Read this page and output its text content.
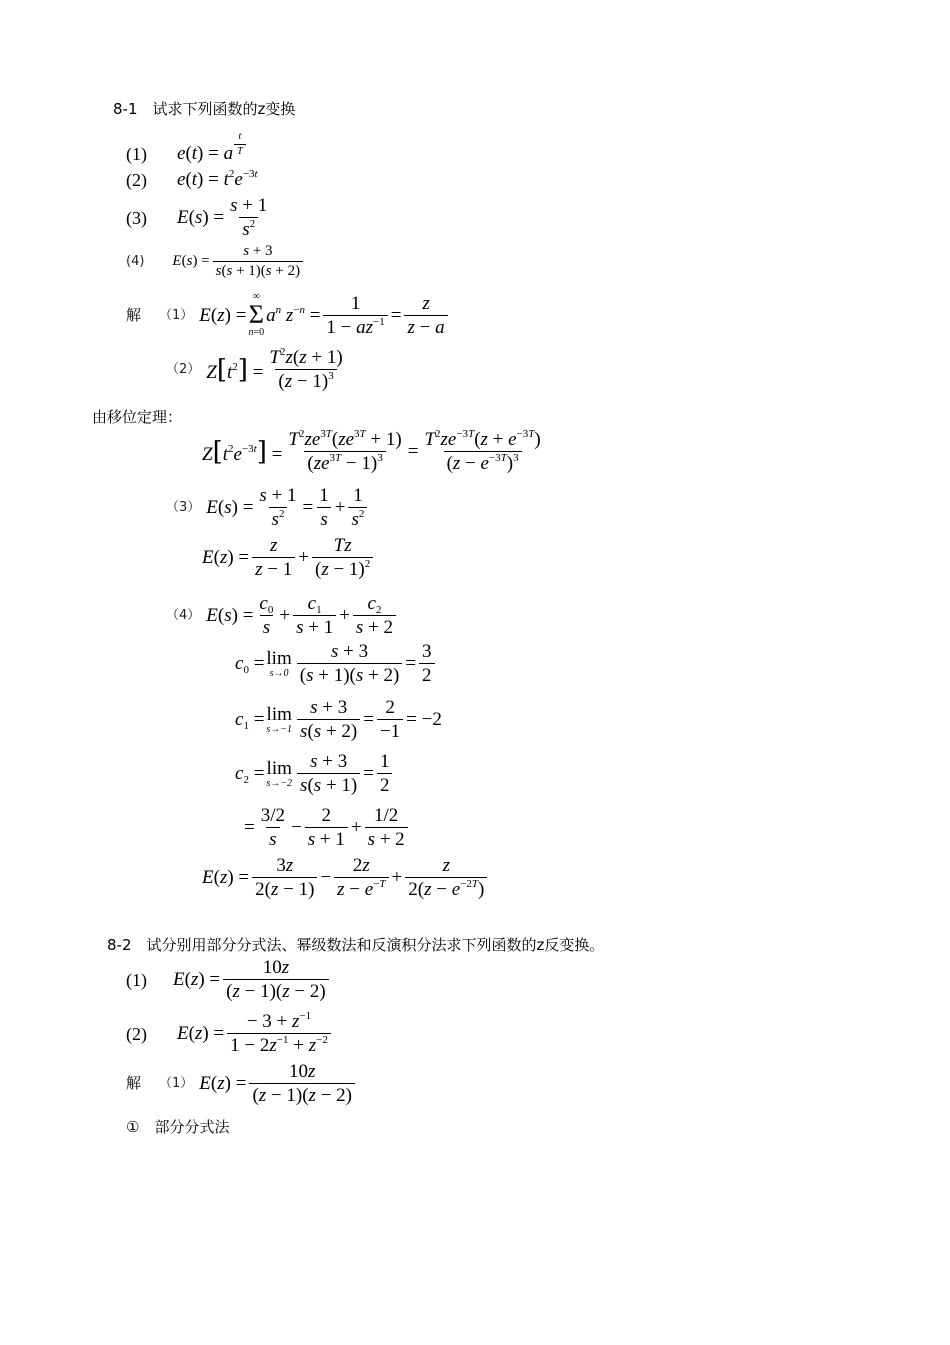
8-1　试求下列函数的z变换
(1) e(t) = a $\frac{t}{T}$
(2) $e(t) = t^2e^{-3t}$
(3) $E(s) = \frac{s + 1}{s^2}$
(4) $E(s) = \frac{s + 3}{s(s + 1)(s + 2)}$
解 （1） E(z) =
∞
Σ
n=0
$a^n$ $z^{-n} = \frac{1}{1 - az^{-1}} = \frac{z}{z - a}$
（2） $Z[t^2] = \frac{T^2z(z + 1)}{(z - 1)^3}$
由移位定理：
$Z[t^2e^{-3t}] = \frac{T^2ze^{3T}(ze^{3T} + 1)}{(ze^{3T} - 1)^3} = \frac{T^2ze^{-3T}(z + e^{-3T})}{(z - e^{-3T})^3}$
（3） $E(s) = \frac{s + 1}{s^2} = \frac{1}{s} + \frac{1}{s^2}$
$E(z) = \frac{z}{z - 1} + \frac{Tz}{(z - 1)^2}$
（4） $E(s) = \frac{c_0}{s} + \frac{c_1}{s + 1} + \frac{c_2}{s + 2}$
$c_0 = \lim$
$s\to 0 \frac{s + 3}{(s + 1)(s + 2)} = \frac{3}{2}$
$c_1 = \lim$
$s\to-1 \frac{s + 3}{s(s + 2)} = \frac{2}{-1} = -2$
$c_2 = \lim$
$s\to-2 \frac{s + 3}{s(s + 1)} = \frac{1}{2}$
= $\frac{3/2}{s} - \frac{2}{s + 1} + \frac{1/2}{s + 2}$
$E(z) = \frac{3z}{2(z - 1)} - \frac{2z}{z - e^{-T}} + \frac{z}{2(z - e^{-2T})}$
8-2　试分别用部分分式法、幂级数法和反演积分法求下列函数的z反变换。
(1) $E(z) = \frac{10z}{(z - 1)(z - 2)}$
(2) $E(z) = \frac{- 3 + z^{-1}}{1 - 2z^{-1} + z^{-2}}$
解 （1） $E(z) = \frac{10z}{(z - 1)(z - 2)}$
①　部分分式法
